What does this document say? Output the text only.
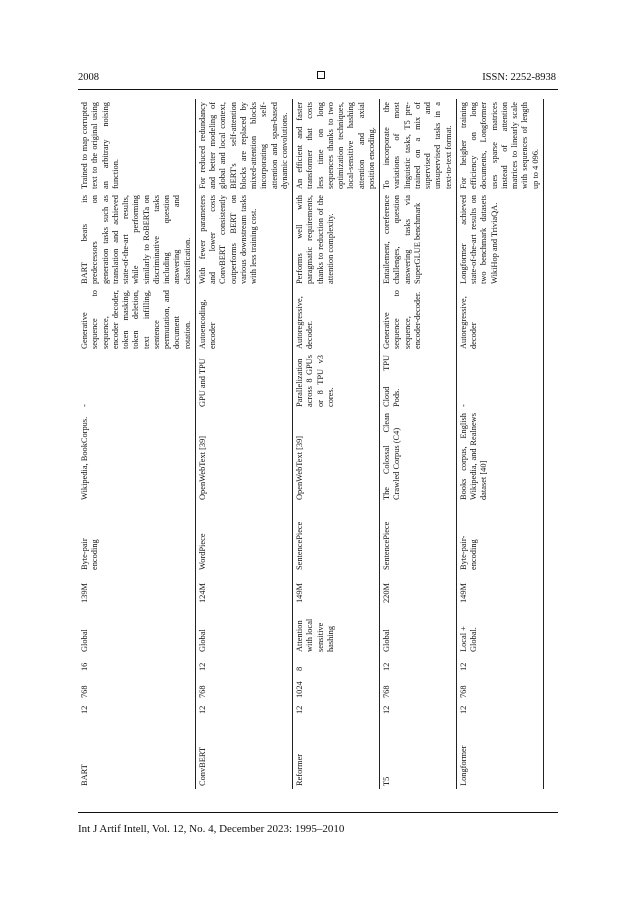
2008	ISSN: 2252-8938
BART	12	768	16	Global	139M	Byte-pair encoding	Wikipedia, BookCorpus.	-	Generative sequence to sequence, encoder decoder, token masking, token deletion, text infilling, sentence permutation, and document rotation.	BART beats its predecessors on generation tasks such as translation and achieved state-of-the-art results, while performing similarly to RoBERTa on discriminative tasks including question answering and classification.	Trained to map corrupted text to the original using an arbitrary noising function.
ConvBERT	12	768	12	Global	124M	WordPiece	OpenWebText [39]	GPU and TPU	Autoencoding, encoder	With fewer parameters and lower costs ConvBERT consistently outperforms BERT on various downstream tasks with less training cost.	For reduced redundancy and better modeling of global and local context, BERT's self-attention blocks are replaced by mixed-attention blocks incorporating self-attention and span-based dynamic convolutions.
Reformer	12	1024	8	Attention with local sensitive hashing	149M	SentencePiece	OpenWebText [39]	Parallelization across 8 GPUs or 8 TPU v3 cores.	Autoregressive, decoder.	Performs well with paragmatic requirements, thanks to reduction of the attention complexity.	An efficient and faster transformer that costs less time on long sequences thanks to two optimization techniques, local-sensitive hashing attention and axial position encoding.
T5	12	768	12	Global	220M	SentencePiece	The Colossal Clean Crawled Corpus (C4)	Cloud TPU Pods.	Generative sequence to sequence, encoder-decoder.	Entailement, coreference challenges, question answering tasks via SuperGLUE benchmark	To incorporate the variations of most linguistic tasks, T5 pre-trained on a mix of supervised and unsupervised tasks in a text-to-text format.
Longformer	12	768	12	Local + Global.	149M	Byte-pair-encoding	Books corpus, English Wikipedia, and Realnews dataset [40]	-	Autoregressive, decoder	Longformer achieved state-of-the-art results on two benchmark datasets WikiHop and TriviaQA.	For heigher training efficiency on long documents, Longformer uses sparse matrices instead of attention matrices to linearly scale with sequences of length up to 4 096.
Int J Artif Intell, Vol. 12, No. 4, December 2023: 1995–2010
